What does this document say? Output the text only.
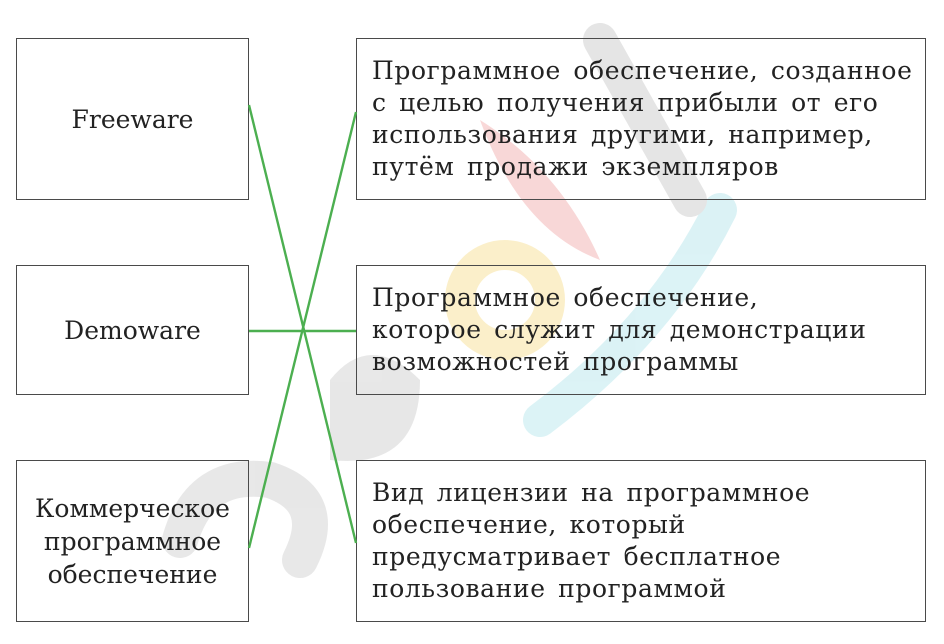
Freeware
Demoware
Коммерческое
программное
обеспечение
Программное обеспечение, созданное
с целью получения прибыли от его
использования другими, например,
путём продажи экземпляров
Программное обеспечение,
которое служит для демонстрации
возможностей программы
Вид лицензии на программное
обеспечение, который
предусматривает бесплатное
пользование программой
